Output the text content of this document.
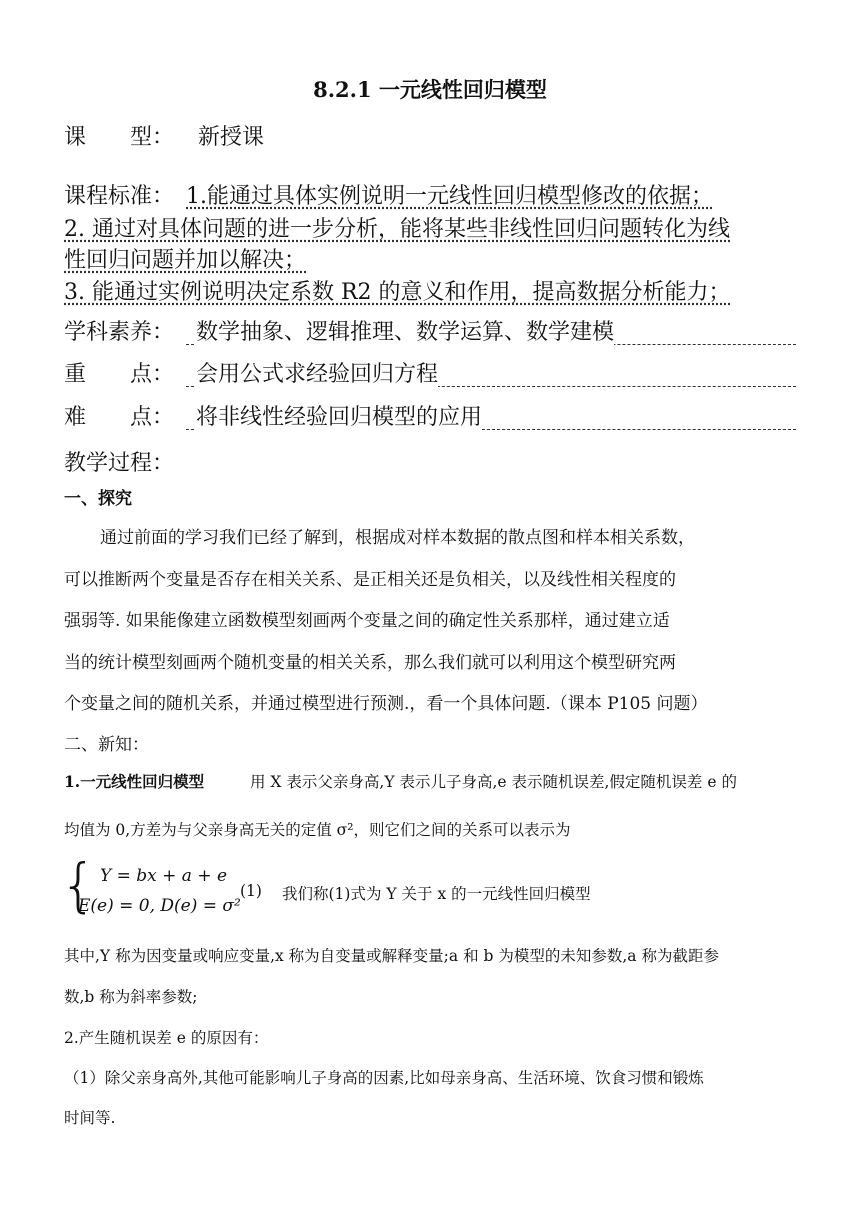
8.2.1 一元线性回归模型
课　　型： 新授课
课程标准： 1.能通过具体实例说明一元线性回归模型修改的依据；
2. 通过对具体问题的进一步分析，能将某些非线性回归问题转化为线
性回归问题并加以解决；
3. 能通过实例说明决定系数 R2 的意义和作用，提高数据分析能力；
学科素养： 数学抽象、逻辑推理、数学运算、数学建模
重　　点： 会用公式求经验回归方程
难　　点： 将非线性经验回归模型的应用
教学过程：
一、探究
通过前面的学习我们已经了解到，根据成对样本数据的散点图和样本相关系数，
可以推断两个变量是否存在相关关系、是正相关还是负相关，以及线性相关程度的
强弱等. 如果能像建立函数模型刻画两个变量之间的确定性关系那样，通过建立适
当的统计模型刻画两个随机变量的相关关系，那么我们就可以利用这个模型研究两
个变量之间的随机关系，并通过模型进行预测.，看一个具体问题.（课本 P105 问题）
二、新知：
1.一元线性回归模型	用 X 表示父亲身高,Y 表示儿子身高,e 表示随机误差,假定随机误差 e 的
均值为 0,方差为与父亲身高无关的定值 σ²，则它们之间的关系可以表示为
{ Y = bx + a + e
E(e) = 0, D(e) = σ²
(1) 我们称(1)式为 Y 关于 x 的一元线性回归模型
其中,Y 称为因变量或响应变量,x 称为自变量或解释变量;a 和 b 为模型的未知参数,a 称为截距参
数,b 称为斜率参数;
2.产生随机误差 e 的原因有：
（1）除父亲身高外,其他可能影响儿子身高的因素,比如母亲身高、生活环境、饮食习惯和锻炼
时间等.
